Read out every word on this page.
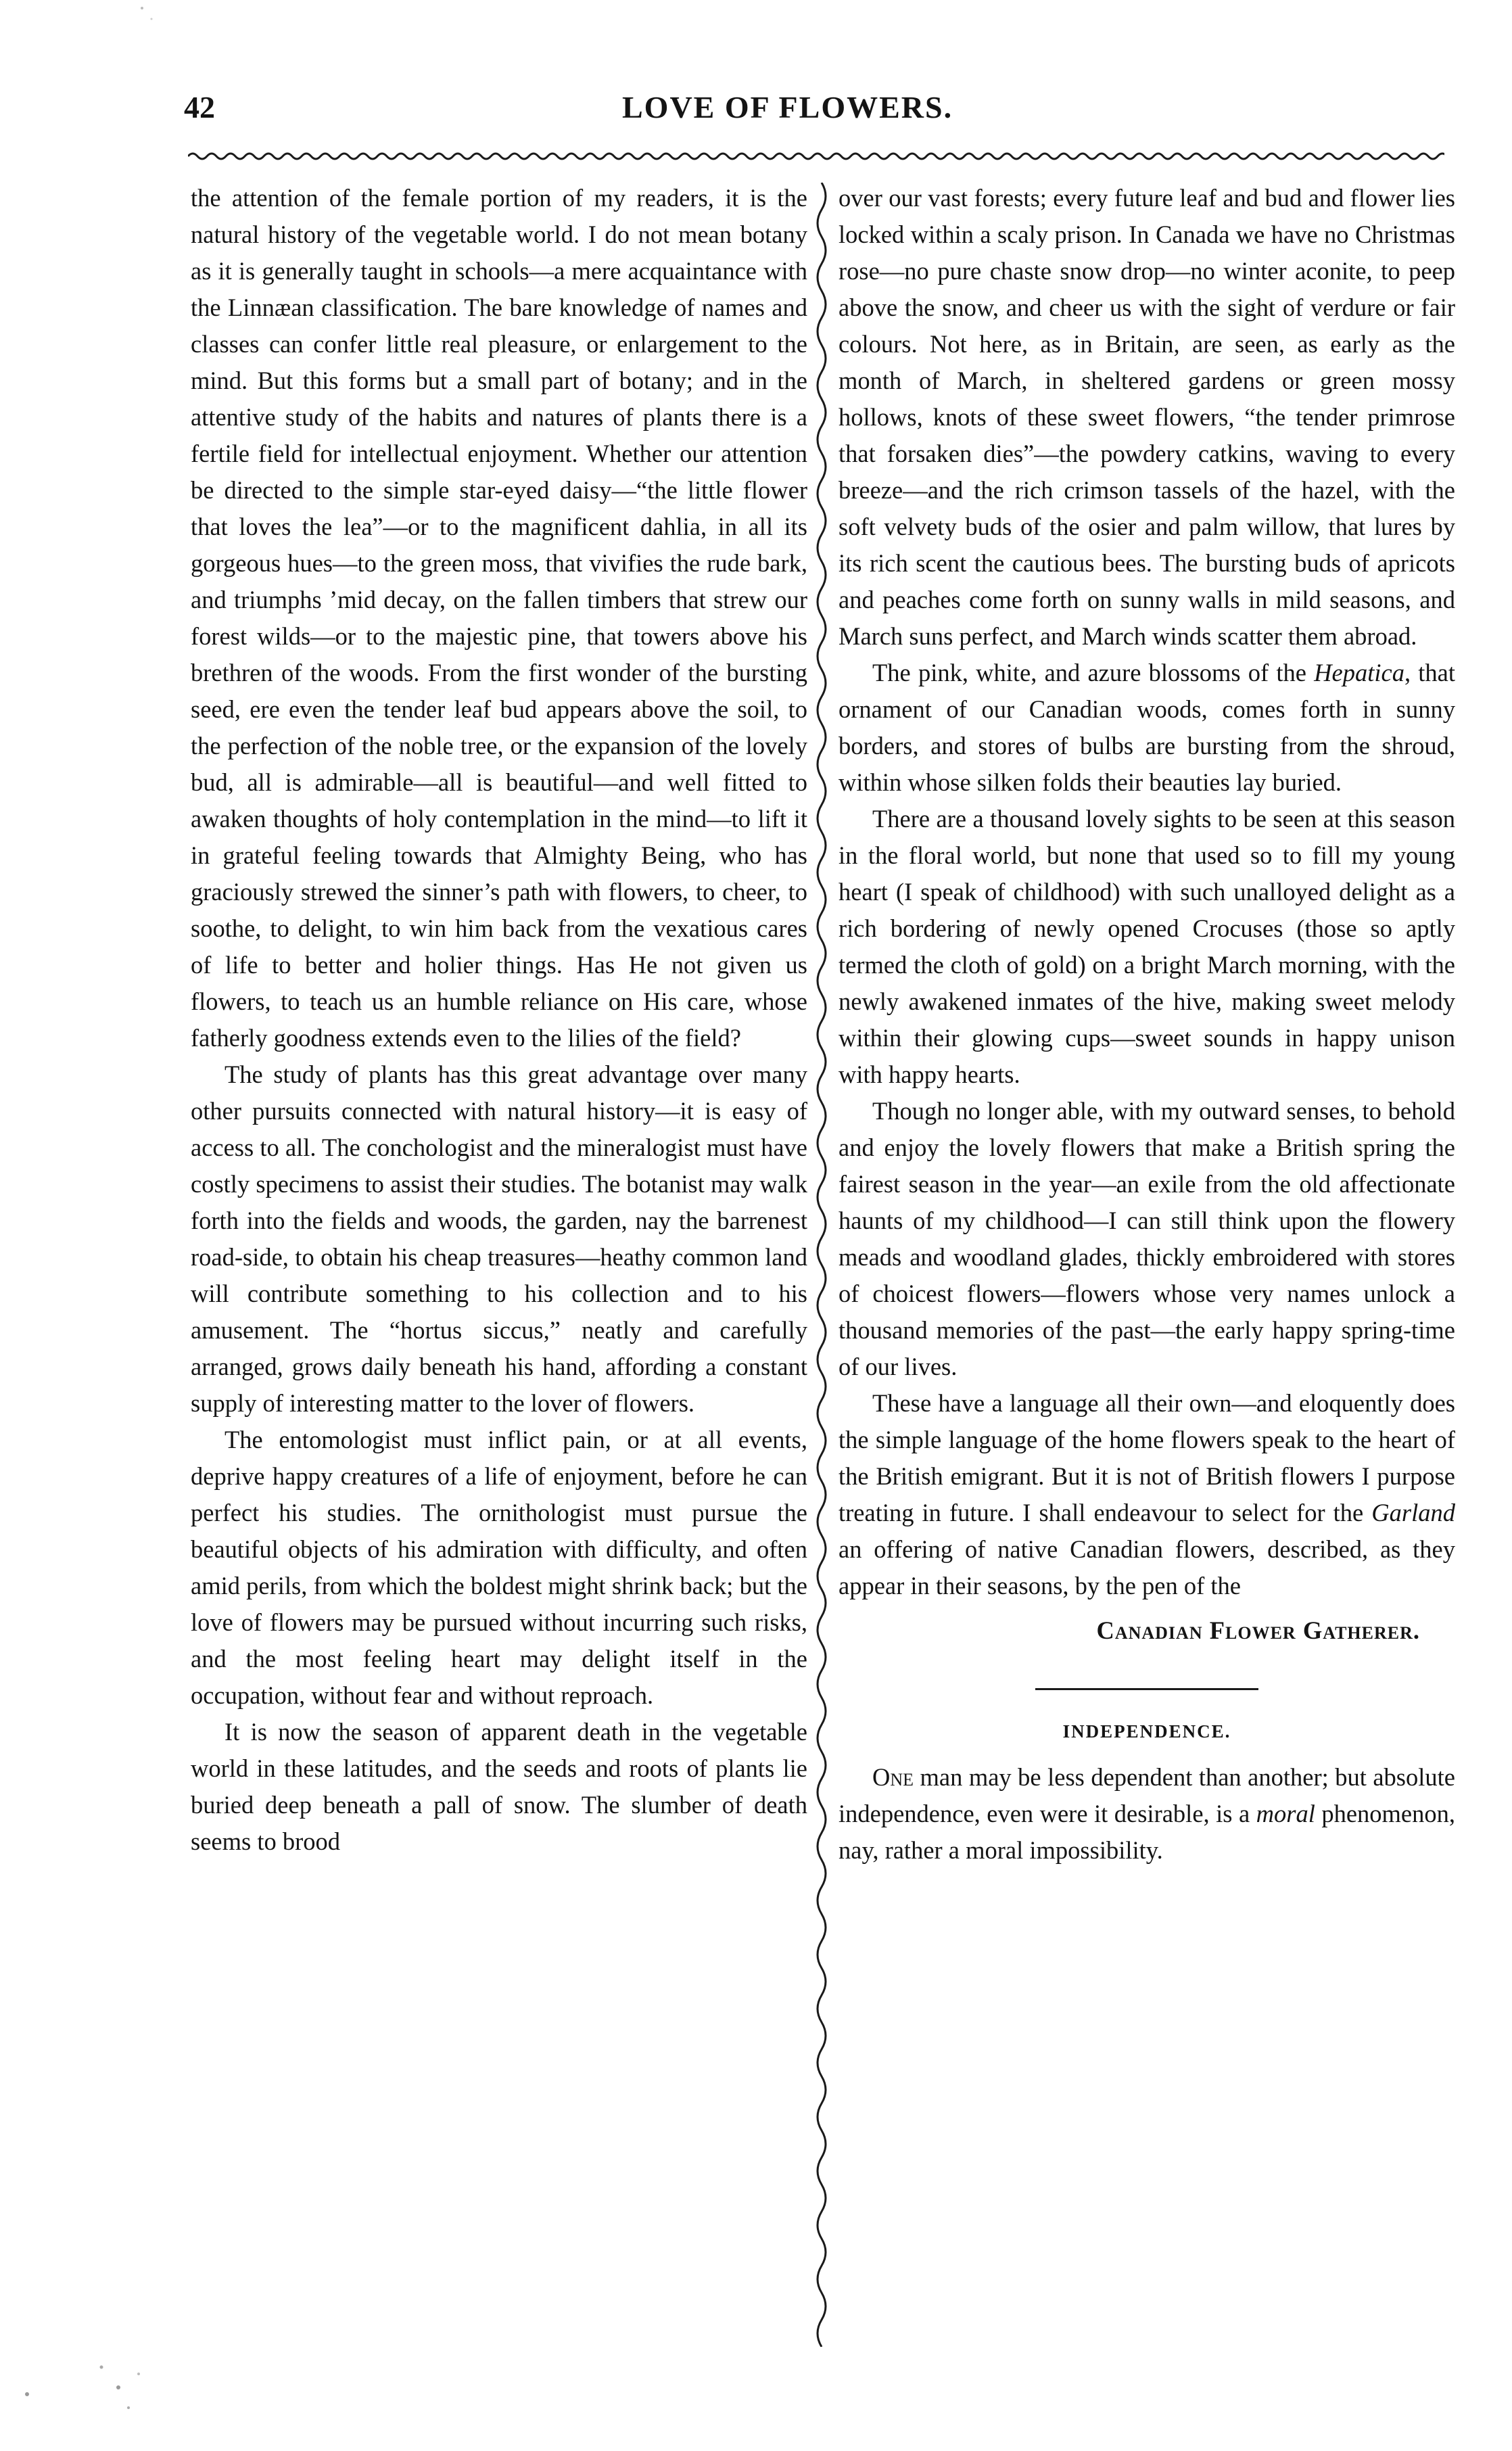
42	LOVE OF FLOWERS.

the attention of the female portion of my readers, it is the natural history of the vegetable world. I do not mean botany as it is generally taught in schools—a mere acquaintance with the Linnæan classification. The bare knowledge of names and classes can confer little real pleasure, or enlargement to the mind. But this forms but a small part of botany; and in the attentive study of the habits and natures of plants there is a fertile field for intellectual enjoyment. Whether our attention be directed to the simple star-eyed daisy—“the little flower that loves the lea”—or to the magnificent dahlia, in all its gorgeous hues—to the green moss, that vivifies the rude bark, and triumphs ’mid decay, on the fallen timbers that strew our forest wilds—or to the majestic pine, that towers above his brethren of the woods. From the first wonder of the bursting seed, ere even the tender leaf bud appears above the soil, to the perfection of the noble tree, or the expansion of the lovely bud, all is admirable—all is beautiful—and well fitted to awaken thoughts of holy contemplation in the mind—to lift it in grateful feeling towards that Almighty Being, who has graciously strewed the sinner’s path with flowers, to cheer, to soothe, to delight, to win him back from the vexatious cares of life to better and holier things. Has He not given us flowers, to teach us an humble reliance on His care, whose fatherly goodness extends even to the lilies of the field?

The study of plants has this great advantage over many other pursuits connected with natural history—it is easy of access to all. The conchologist and the mineralogist must have costly specimens to assist their studies. The botanist may walk forth into the fields and woods, the garden, nay the barrenest road-side, to obtain his cheap treasures—heathy common land will contribute something to his collection and to his amusement. The “hortus siccus,” neatly and carefully arranged, grows daily beneath his hand, affording a constant supply of interesting matter to the lover of flowers.

The entomologist must inflict pain, or at all events, deprive happy creatures of a life of enjoyment, before he can perfect his studies. The ornithologist must pursue the beautiful objects of his admiration with difficulty, and often amid perils, from which the boldest might shrink back; but the love of flowers may be pursued without incurring such risks, and the most feeling heart may delight itself in the occupation, without fear and without reproach.

It is now the season of apparent death in the vegetable world in these latitudes, and the seeds and roots of plants lie buried deep beneath a pall of snow. The slumber of death seems to brood

over our vast forests; every future leaf and bud and flower lies locked within a scaly prison. In Canada we have no Christmas rose—no pure chaste snow drop—no winter aconite, to peep above the snow, and cheer us with the sight of verdure or fair colours. Not here, as in Britain, are seen, as early as the month of March, in sheltered gardens or green mossy hollows, knots of these sweet flowers, “the tender primrose that forsaken dies”—the powdery catkins, waving to every breeze—and the rich crimson tassels of the hazel, with the soft velvety buds of the osier and palm willow, that lures by its rich scent the cautious bees. The bursting buds of apricots and peaches come forth on sunny walls in mild seasons, and March suns perfect, and March winds scatter them abroad.

The pink, white, and azure blossoms of the Hepatica, that ornament of our Canadian woods, comes forth in sunny borders, and stores of bulbs are bursting from the shroud, within whose silken folds their beauties lay buried.

There are a thousand lovely sights to be seen at this season in the floral world, but none that used so to fill my young heart (I speak of childhood) with such unalloyed delight as a rich bordering of newly opened Crocuses (those so aptly termed the cloth of gold) on a bright March morning, with the newly awakened inmates of the hive, making sweet melody within their glowing cups—sweet sounds in happy unison with happy hearts.

Though no longer able, with my outward senses, to behold and enjoy the lovely flowers that make a British spring the fairest season in the year—an exile from the old affectionate haunts of my childhood—I can still think upon the flowery meads and woodland glades, thickly embroidered with stores of choicest flowers—flowers whose very names unlock a thousand memories of the past—the early happy spring-time of our lives.

These have a language all their own—and eloquently does the simple language of the home flowers speak to the heart of the British emigrant. But it is not of British flowers I purpose treating in future. I shall endeavour to select for the Garland an offering of native Canadian flowers, described, as they appear in their seasons, by the pen of the

Canadian Flower Gatherer.

INDEPENDENCE.

One man may be less dependent than another; but absolute independence, even were it desirable, is a moral phenomenon, nay, rather a moral impossibility.
